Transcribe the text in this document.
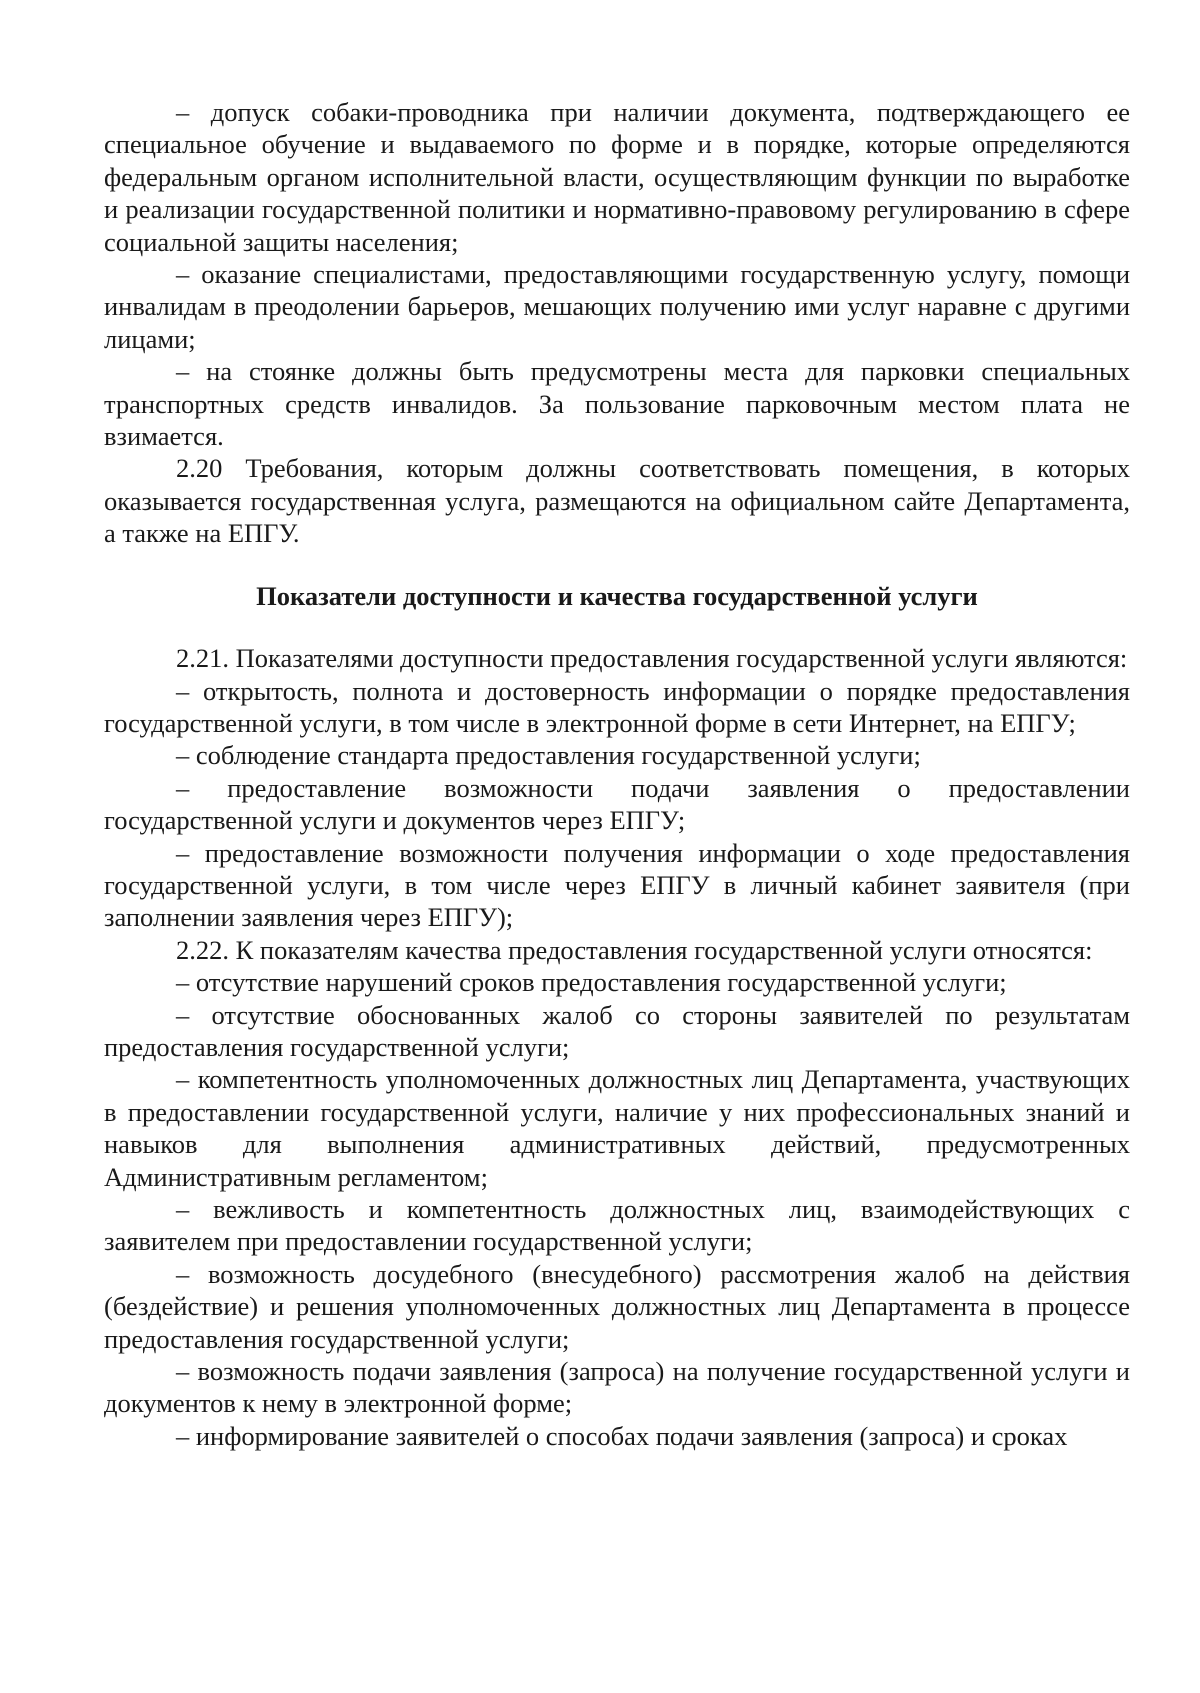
– допуск собаки-проводника при наличии документа, подтверждающего ее специальное обучение и выдаваемого по форме и в порядке, которые определяются федеральным органом исполнительной власти, осуществляющим функции по выработке и реализации государственной политики и нормативно-правовому регулированию в сфере социальной защиты населения;

– оказание специалистами, предоставляющими государственную услугу, помощи инвалидам в преодолении барьеров, мешающих получению ими услуг наравне с другими лицами;

– на стоянке должны быть предусмотрены места для парковки специальных транспортных средств инвалидов. За пользование парковочным местом плата не взимается.

2.20 Требования, которым должны соответствовать помещения, в которых оказывается государственная услуга, размещаются на официальном сайте Департамента, а также на ЕПГУ.

Показатели доступности и качества государственной услуги

2.21. Показателями доступности предоставления государственной услуги являются:

– открытость, полнота и достоверность информации о порядке предоставления государственной услуги, в том числе в электронной форме в сети Интернет, на ЕПГУ;

– соблюдение стандарта предоставления государственной услуги;

– предоставление возможности подачи заявления о предоставлении государственной услуги и документов через ЕПГУ;

– предоставление возможности получения информации о ходе предоставления государственной услуги, в том числе через ЕПГУ в личный кабинет заявителя (при заполнении заявления через ЕПГУ);

2.22. К показателям качества предоставления государственной услуги относятся:

– отсутствие нарушений сроков предоставления государственной услуги;

– отсутствие обоснованных жалоб со стороны заявителей по результатам предоставления государственной услуги;

– компетентность уполномоченных должностных лиц Департамента, участвующих в предоставлении государственной услуги, наличие у них профессиональных знаний и навыков для выполнения административных действий, предусмотренных Административным регламентом;

– вежливость и компетентность должностных лиц, взаимодействующих с заявителем при предоставлении государственной услуги;

– возможность досудебного (внесудебного) рассмотрения жалоб на действия (бездействие) и решения уполномоченных должностных лиц Департамента в процессе предоставления государственной услуги;

– возможность подачи заявления (запроса) на получение государственной услуги и документов к нему в электронной форме;

– информирование заявителей о способах подачи заявления (запроса) и сроках
